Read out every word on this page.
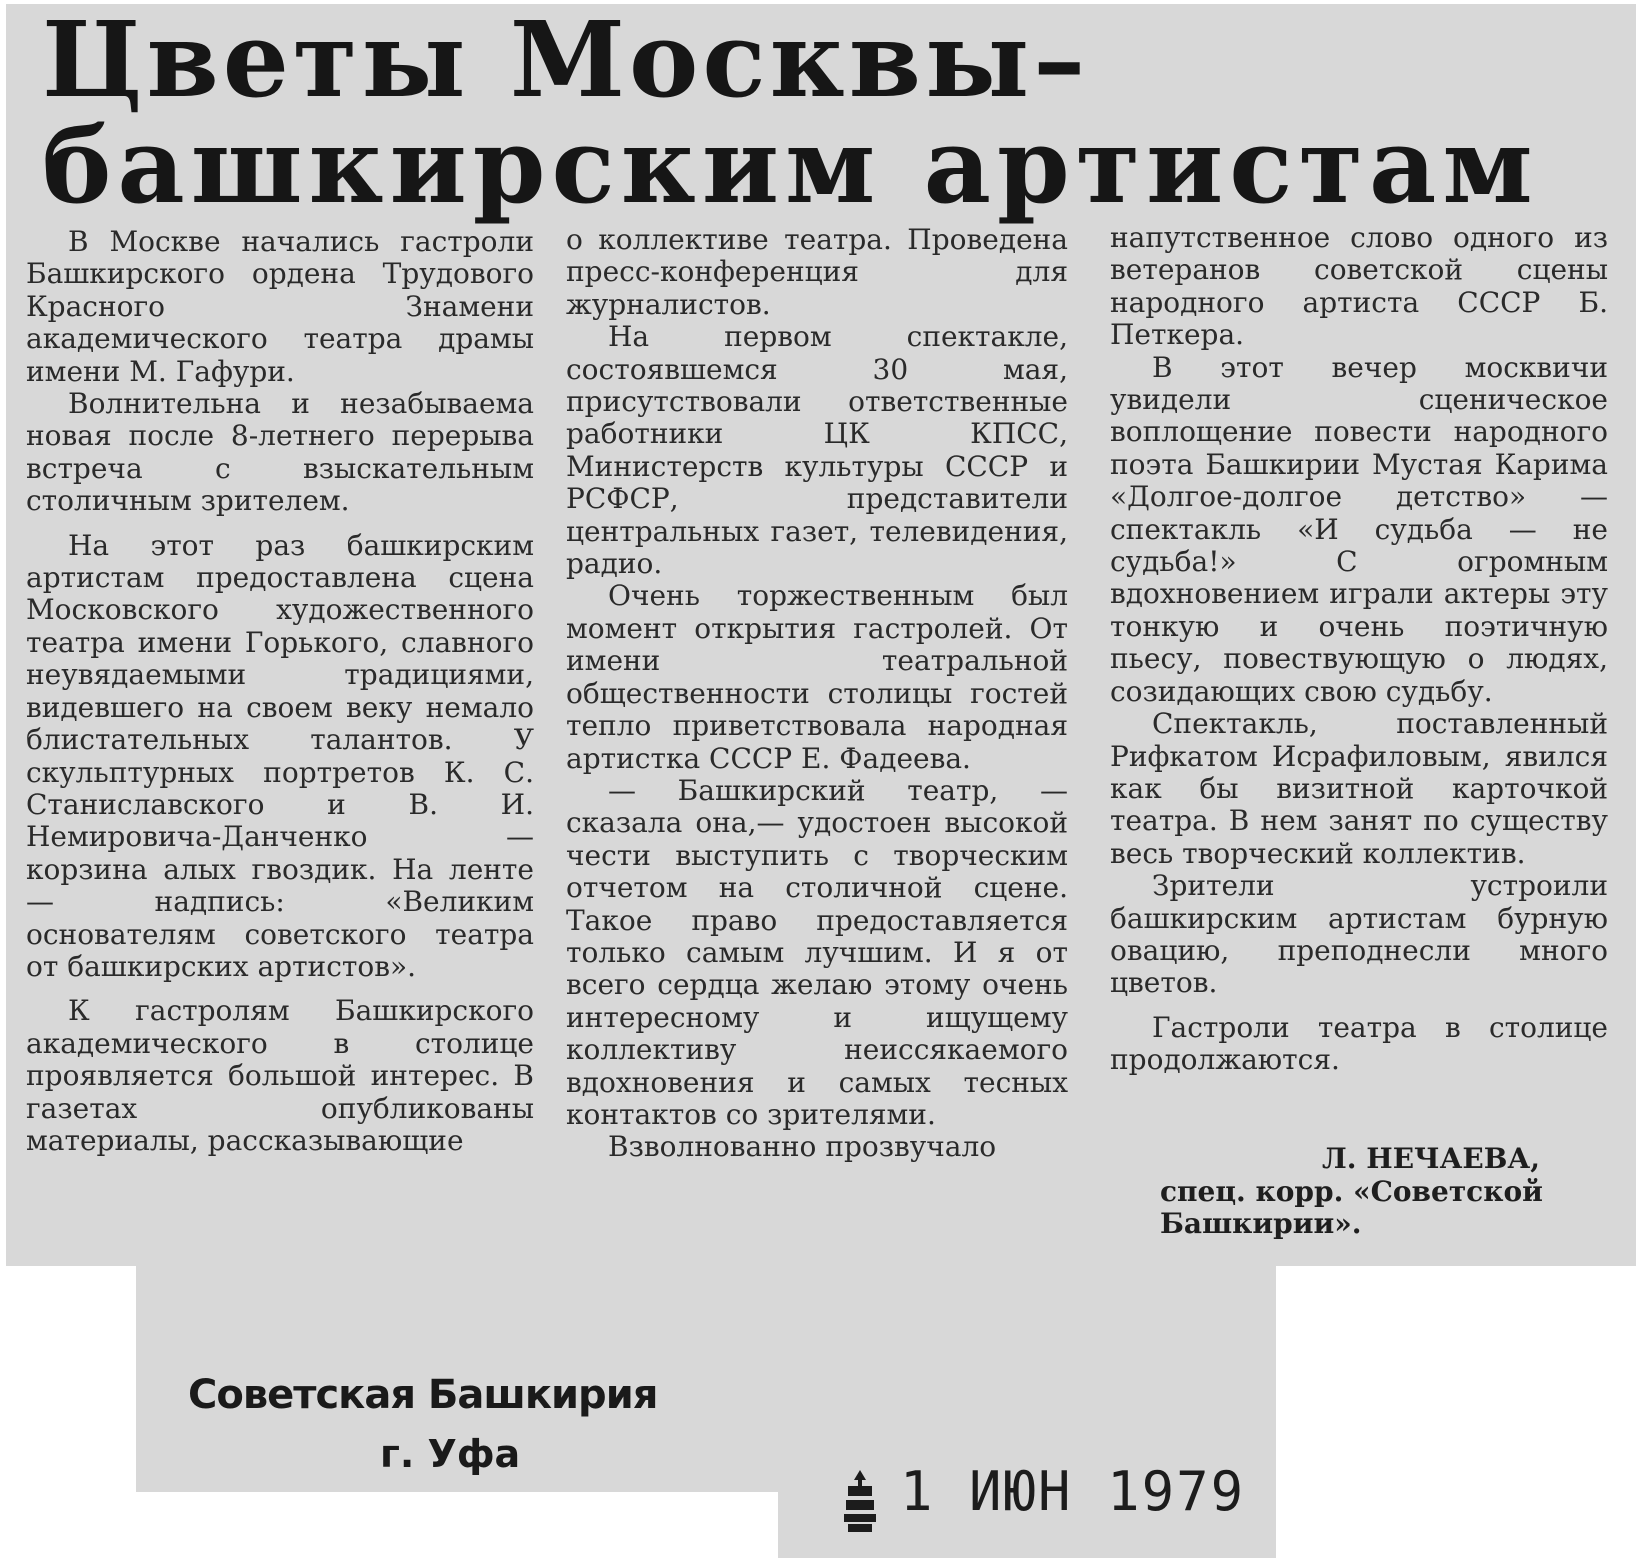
Цветы Москвы–
башкирским артистам

В Москве начались гастроли Башкирского ордена Трудового Красного Знамени академического театра драмы имени М. Гафури.

Волнительна и незабываема новая после 8-летнего перерыва встреча с взыскательным столичным зрителем.

На этот раз башкирским артистам предоставлена сцена Московского художественного театра имени Горького, славного неувядаемыми традициями, видевшего на своем веку немало блистательных талантов. У скульптурных портретов К. С. Станиславского и В. И. Немировича-Данченко — корзина алых гвоздик. На ленте — надпись: «Великим основателям советского театра от башкирских артистов».

К гастролям Башкирского академического в столице проявляется большой интерес. В газетах опубликованы материалы, рассказывающие

о коллективе театра. Проведена пресс-конференция для журналистов.

На первом спектакле, состоявшемся 30 мая, присутствовали ответственные работники ЦК КПСС, Министерств культуры СССР и РСФСР, представители центральных газет, телевидения, радио.

Очень торжественным был момент открытия гастролей. От имени театральной общественности столицы гостей тепло приветствовала народная артистка СССР Е. Фадеева.

— Башкирский театр, — сказала она,— удостоен высокой чести выступить с творческим отчетом на столичной сцене. Такое право предоставляется только самым лучшим. И я от всего сердца желаю этому очень интересному и ищущему коллективу неиссякаемого вдохновения и самых тесных контактов со зрителями.

Взволнованно прозвучало

напутственное слово одного из ветеранов советской сцены народного артиста СССР Б. Петкера.

В этот вечер москвичи увидели сценическое воплощение повести народного поэта Башкирии Мустая Карима «Долгое-долгое детство» — спектакль «И судьба — не судьба!» С огромным вдохновением играли актеры эту тонкую и очень поэтичную пьесу, повествующую о людях, созидающих свою судьбу.

Спектакль, поставленный Рифкатом Исрафиловым, явился как бы визитной карточкой театра. В нем занят по существу весь творческий коллектив.

Зрители устроили башкирским артистам бурную овацию, преподнесли много цветов.

Гастроли театра в столице продолжаются.

Л. НЕЧАЕВА,
спец. корр. «Советской Башкирии».
Советская Башкирия
г. Уфа
1 ИЮН 1979
